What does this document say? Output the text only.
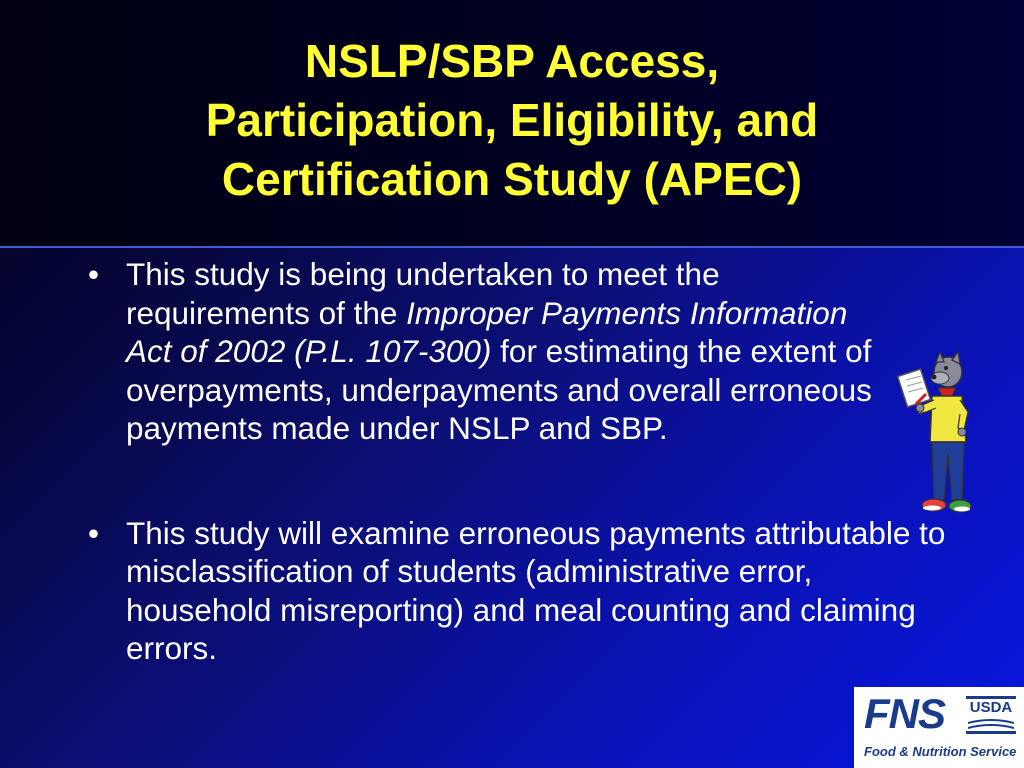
NSLP/SBP Access,
Participation, Eligibility, and
Certification Study (APEC)
• This study is being undertaken to meet the requirements of the Improper Payments Information Act of 2002 (P.L. 107-300) for estimating the extent of overpayments, underpayments and overall erroneous payments made under NSLP and SBP.
• This study will examine erroneous payments attributable to misclassification of students (administrative error, household misreporting) and meal counting and claiming errors.
FNS USDA
Food & Nutrition Service
